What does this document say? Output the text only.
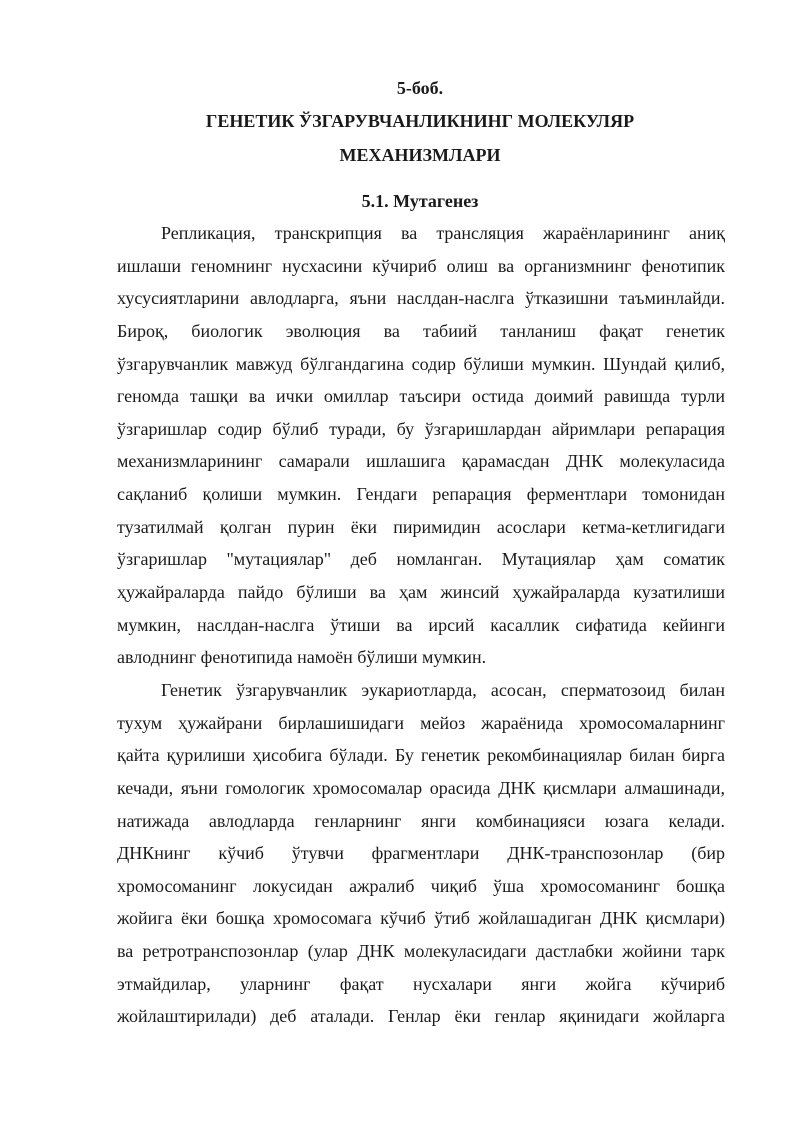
5-боб.
ГЕНЕТИК ЎЗГАРУВЧАНЛИКНИНГ МОЛЕКУЛЯР
МЕХАНИЗМЛАРИ
5.1. Мутагенез
Репликация, транскрипция ва трансляция жараёнларининг аниқ
ишлаши геномнинг нусхасини кўчириб олиш ва организмнинг фенотипик
хусусиятларини авлодларга, яъни наслдан-наслга ўтказишни таъминлайди.
Бироқ, биологик эволюция ва табиий танланиш фақат генетик
ўзгарувчанлик мавжуд бўлгандагина содир бўлиши мумкин. Шундай қилиб,
геномда ташқи ва ички омиллар таъсири остида доимий равишда турли
ўзгаришлар содир бўлиб туради, бу ўзгаришлардан айримлари репарация
механизмларининг самарали ишлашига қарамасдан ДНК молекуласида
сақланиб қолиши мумкин. Гендаги репарация ферментлари томонидан
тузатилмай қолган пурин ёки пиримидин асослари кетма-кетлигидаги
ўзгаришлар "мутациялар" деб номланган. Мутациялар ҳам соматик
ҳужайраларда пайдо бўлиши ва ҳам жинсий ҳужайраларда кузатилиши
мумкин, наслдан-наслга ўтиши ва ирсий касаллик сифатида кейинги
авлоднинг фенотипида намоён бўлиши мумкин.
Генетик ўзгарувчанлик эукариотларда, асосан, сперматозоид билан
тухум ҳужайрани бирлашишидаги мейоз жараёнида хромосомаларнинг
қайта қурилиши ҳисобига бўлади. Бу генетик рекомбинациялар билан бирга
кечади, яъни гомологик хромосомалар орасида ДНК қисмлари алмашинади,
натижада авлодларда генларнинг янги комбинацияси юзага келади.
ДНКнинг кўчиб ўтувчи фрагментлари ДНК-транспозонлар (бир
хромосоманинг локусидан ажралиб чиқиб ўша хромосоманинг бошқа
жойига ёки бошқа хромосомага кўчиб ўтиб жойлашадиган ДНК қисмлари)
ва ретротранспозонлар (улар ДНК молекуласидаги дастлабки жойини тарк
этмайдилар, уларнинг фақат нусхалари янги жойга кўчириб
жойлаштирилади) деб аталади. Генлар ёки генлар яқинидаги жойларга
